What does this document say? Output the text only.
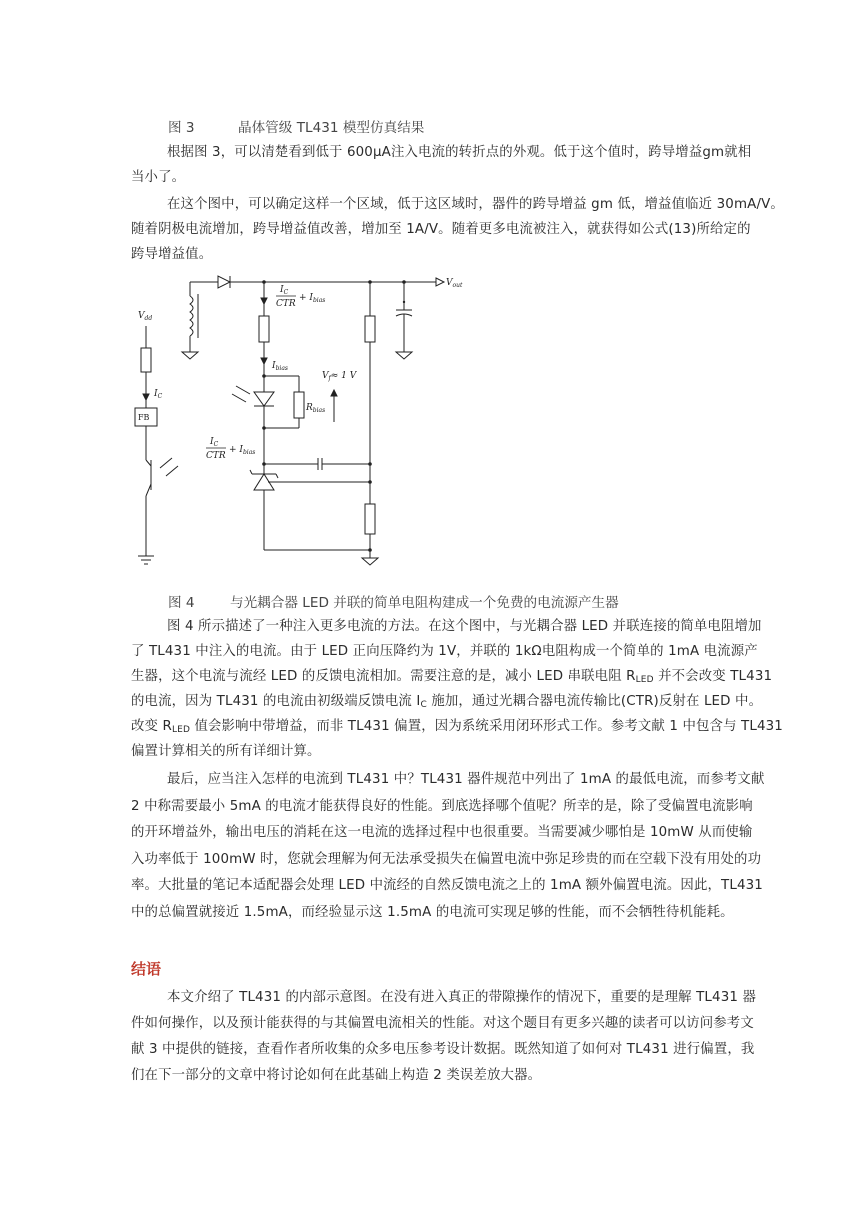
图 3	晶体管级 TL431 模型仿真结果
根据图 3，可以清楚看到低于 600μA注入电流的转折点的外观。低于这个值时，跨导增益gm就相
当小了。
在这个图中，可以确定这样一个区域，低于这区域时，器件的跨导增益 gm 低，增益值临近 30mA/V。
随着阴极电流增加，跨导增益值改善，增加至 1A/V。随着更多电流被注入，就获得如公式(13)所给定的
跨导增益值。
$V_{dd}$
$I_C$
FB
$V_{out}$
$I_C$
CTR
+ $I_{bias}$
$I_{bias}$
$V_f\approx 1$ V
$R_{bias}$
$I_C$
CTR
+ $I_{bias}$
图 4	与光耦合器 LED 并联的简单电阻构建成一个免费的电流源产生器
图 4 所示描述了一种注入更多电流的方法。在这个图中，与光耦合器 LED 并联连接的简单电阻增加
了 TL431 中注入的电流。由于 LED 正向压降约为 1V，并联的 1kΩ电阻构成一个简单的 1mA 电流源产
生器，这个电流与流经 LED 的反馈电流相加。需要注意的是，减小 LED 串联电阻 $R_{LED}$ 并不会改变 TL431
的电流，因为 TL431 的电流由初级端反馈电流 $I_C$ 施加，通过光耦合器电流传输比(CTR)反射在 LED 中。
改变 $R_{LED}$ 值会影响中带增益，而非 TL431 偏置，因为系统采用闭环形式工作。参考文献 1 中包含与 TL431
偏置计算相关的所有详细计算。
最后，应当注入怎样的电流到 TL431 中？TL431 器件规范中列出了 1mA 的最低电流，而参考文献
2 中称需要最小 5mA 的电流才能获得良好的性能。到底选择哪个值呢？所幸的是，除了受偏置电流影响
的开环增益外，输出电压的消耗在这一电流的选择过程中也很重要。当需要减少哪怕是 10mW 从而使输
入功率低于 100mW 时，您就会理解为何无法承受损失在偏置电流中弥足珍贵的而在空载下没有用处的功
率。大批量的笔记本适配器会处理 LED 中流经的自然反馈电流之上的 1mA 额外偏置电流。因此，TL431
中的总偏置就接近 1.5mA，而经验显示这 1.5mA 的电流可实现足够的性能，而不会牺牲待机能耗。
结语
本文介绍了 TL431 的内部示意图。在没有进入真正的带隙操作的情况下，重要的是理解 TL431 器
件如何操作，以及预计能获得的与其偏置电流相关的性能。对这个题目有更多兴趣的读者可以访问参考文
献 3 中提供的链接，查看作者所收集的众多电压参考设计数据。既然知道了如何对 TL431 进行偏置，我
们在下一部分的文章中将讨论如何在此基础上构造 2 类误差放大器。
